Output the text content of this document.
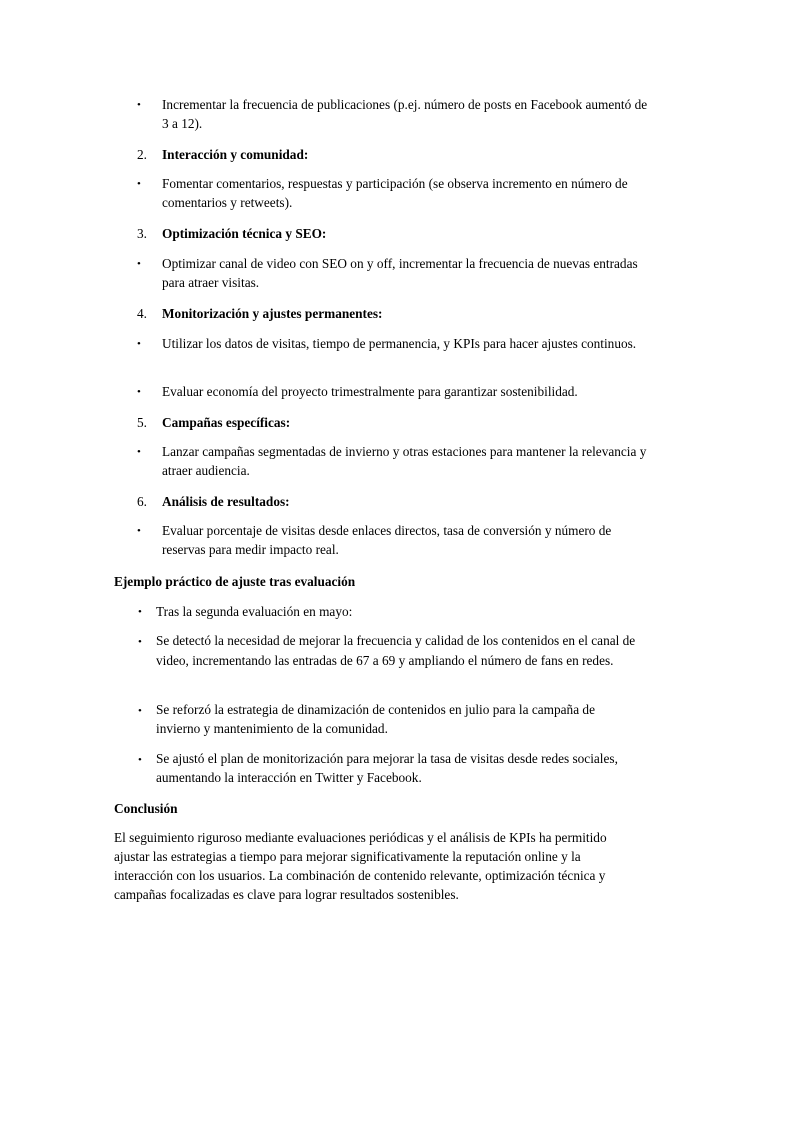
• Incrementar la frecuencia de publicaciones (p.ej. número de posts en Facebook aumentó de 3 a 12).

2. Interacción y comunidad:

• Fomentar comentarios, respuestas y participación (se observa incremento en número de comentarios y retweets).

3. Optimización técnica y SEO:

• Optimizar canal de video con SEO on y off, incrementar la frecuencia de nuevas entradas para atraer visitas.

4. Monitorización y ajustes permanentes:

• Utilizar los datos de visitas, tiempo de permanencia, y KPIs para hacer ajustes continuos.

• Evaluar economía del proyecto trimestralmente para garantizar sostenibilidad.

5. Campañas específicas:

• Lanzar campañas segmentadas de invierno y otras estaciones para mantener la relevancia y atraer audiencia.

6. Análisis de resultados:

• Evaluar porcentaje de visitas desde enlaces directos, tasa de conversión y número de reservas para medir impacto real.

Ejemplo práctico de ajuste tras evaluación

• Tras la segunda evaluación en mayo:

• Se detectó la necesidad de mejorar la frecuencia y calidad de los contenidos en el canal de video, incrementando las entradas de 67 a 69 y ampliando el número de fans en redes.

• Se reforzó la estrategia de dinamización de contenidos en julio para la campaña de invierno y mantenimiento de la comunidad.

• Se ajustó el plan de monitorización para mejorar la tasa de visitas desde redes sociales, aumentando la interacción en Twitter y Facebook.

Conclusión

El seguimiento riguroso mediante evaluaciones periódicas y el análisis de KPIs ha permitido ajustar las estrategias a tiempo para mejorar significativamente la reputación online y la interacción con los usuarios. La combinación de contenido relevante, optimización técnica y campañas focalizadas es clave para lograr resultados sostenibles.
